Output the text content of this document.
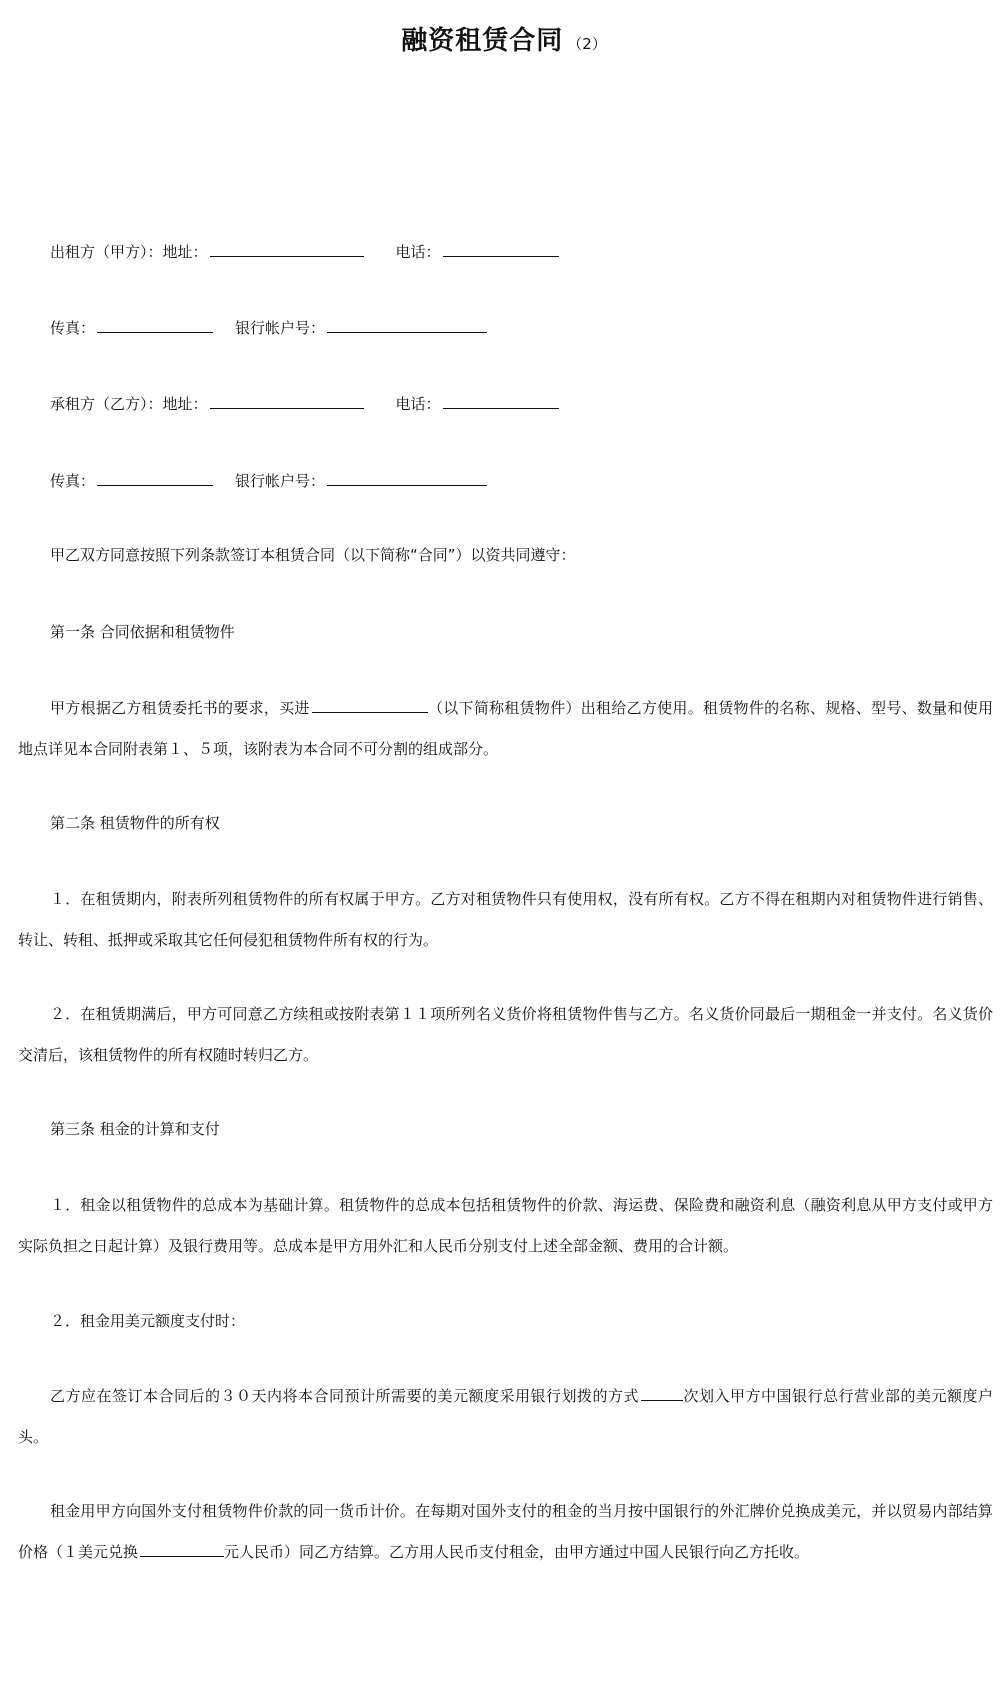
融资租赁合同 （2）
出租方（甲方）：地址：	电话：
传真：	银行帐户号：
承租方（乙方）：地址：	电话：
传真：	银行帐户号：
甲乙双方同意按照下列条款签订本租赁合同（以下简称“合同”）以资共同遵守：
第一条 合同依据和租赁物件
甲方根据乙方租赁委托书的要求，买进	（以下简称租赁物件）出租给乙方使用。租赁物件的名称、规格、型号、数量和使用地点详见本合同附表第１、５项，该附表为本合同不可分割的组成部分。
第二条 租赁物件的所有权
１．在租赁期内，附表所列租赁物件的所有权属于甲方。乙方对租赁物件只有使用权，没有所有权。乙方不得在租期内对租赁物件进行销售、转让、转租、抵押或采取其它任何侵犯租赁物件所有权的行为。
２．在租赁期满后，甲方可同意乙方续租或按附表第１１项所列名义货价将租赁物件售与乙方。名义货价同最后一期租金一并支付。名义货价交清后，该租赁物件的所有权随时转归乙方。
第三条 租金的计算和支付
１．租金以租赁物件的总成本为基础计算。租赁物件的总成本包括租赁物件的价款、海运费、保险费和融资利息（融资利息从甲方支付或甲方实际负担之日起计算）及银行费用等。总成本是甲方用外汇和人民币分别支付上述全部金额、费用的合计额。
２．租金用美元额度支付时：
乙方应在签订本合同后的３０天内将本合同预计所需要的美元额度采用银行划拨的方式	次划入甲方中国银行总行营业部的美元额度户头。
租金用甲方向国外支付租赁物件价款的同一货币计价。在每期对国外支付的租金的当月按中国银行的外汇牌价兑换成美元，并以贸易内部结算价格（１美元兑换	元人民币）同乙方结算。乙方用人民币支付租金，由甲方通过中国人民银行向乙方托收。
